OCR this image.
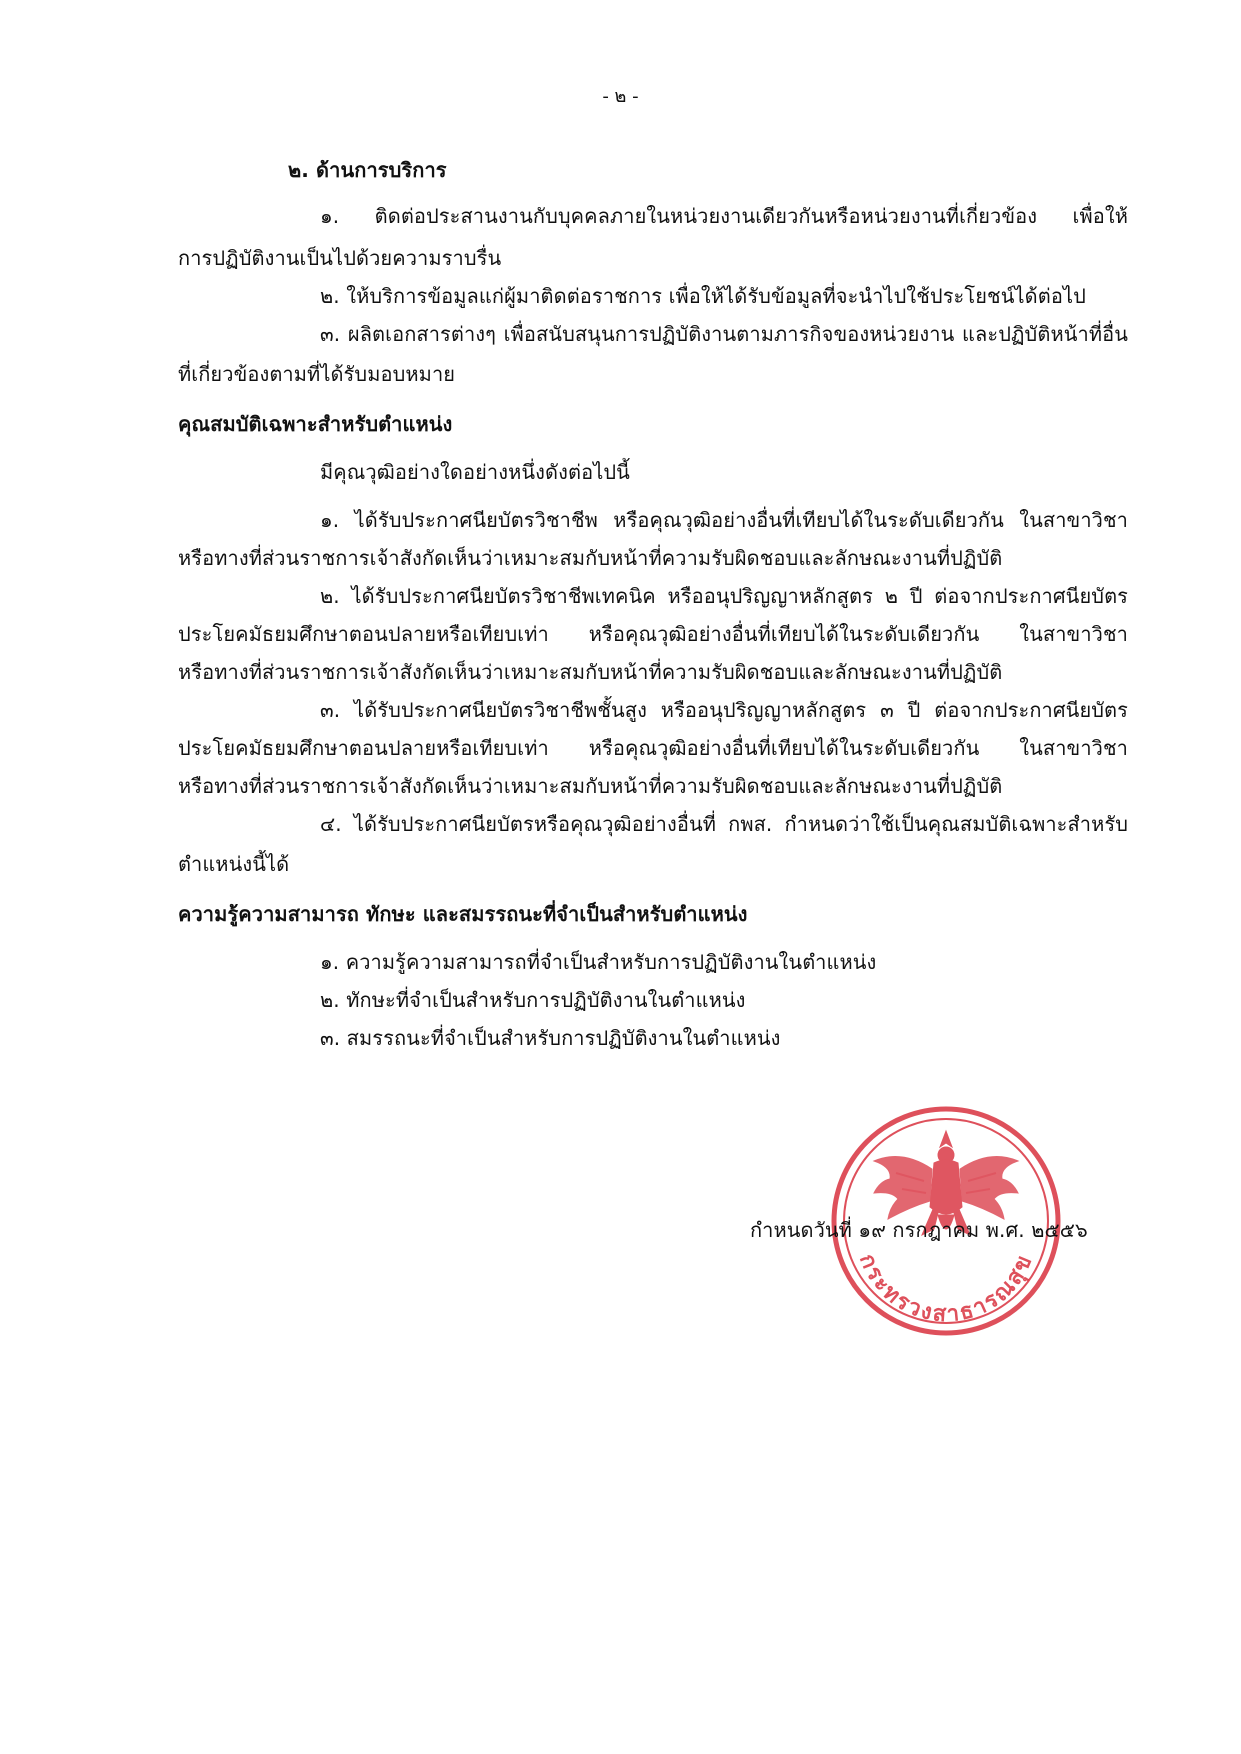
- ๒ -
๒. ด้านการบริการ
๑. ติดต่อประสานงานกับบุคคลภายในหน่วยงานเดียวกันหรือหน่วยงานที่เกี่ยวข้อง เพื่อให้
การปฏิบัติงานเป็นไปด้วยความราบรื่น
๒. ให้บริการข้อมูลแก่ผู้มาติดต่อราชการ เพื่อให้ได้รับข้อมูลที่จะนำไปใช้ประโยชน์ได้ต่อไป
๓. ผลิตเอกสารต่างๆ เพื่อสนับสนุนการปฏิบัติงานตามภารกิจของหน่วยงาน และปฏิบัติหน้าที่อื่น
ที่เกี่ยวข้องตามที่ได้รับมอบหมาย
คุณสมบัติเฉพาะสำหรับตำแหน่ง
มีคุณวุฒิอย่างใดอย่างหนึ่งดังต่อไปนี้
๑. ได้รับประกาศนียบัตรวิชาชีพ หรือคุณวุฒิอย่างอื่นที่เทียบได้ในระดับเดียวกัน ในสาขาวิชา
หรือทางที่ส่วนราชการเจ้าสังกัดเห็นว่าเหมาะสมกับหน้าที่ความรับผิดชอบและลักษณะงานที่ปฏิบัติ
๒. ได้รับประกาศนียบัตรวิชาชีพเทคนิค หรืออนุปริญญาหลักสูตร ๒ ปี ต่อจากประกาศนียบัตร
ประโยคมัธยมศึกษาตอนปลายหรือเทียบเท่า หรือคุณวุฒิอย่างอื่นที่เทียบได้ในระดับเดียวกัน ในสาขาวิชา
หรือทางที่ส่วนราชการเจ้าสังกัดเห็นว่าเหมาะสมกับหน้าที่ความรับผิดชอบและลักษณะงานที่ปฏิบัติ
๓. ได้รับประกาศนียบัตรวิชาชีพชั้นสูง หรืออนุปริญญาหลักสูตร ๓ ปี ต่อจากประกาศนียบัตร
ประโยคมัธยมศึกษาตอนปลายหรือเทียบเท่า หรือคุณวุฒิอย่างอื่นที่เทียบได้ในระดับเดียวกัน ในสาขาวิชา
หรือทางที่ส่วนราชการเจ้าสังกัดเห็นว่าเหมาะสมกับหน้าที่ความรับผิดชอบและลักษณะงานที่ปฏิบัติ
๔. ได้รับประกาศนียบัตรหรือคุณวุฒิอย่างอื่นที่ กพส. กำหนดว่าใช้เป็นคุณสมบัติเฉพาะสำหรับ
ตำแหน่งนี้ได้
ความรู้ความสามารถ ทักษะ และสมรรถนะที่จำเป็นสำหรับตำแหน่ง
๑. ความรู้ความสามารถที่จำเป็นสำหรับการปฏิบัติงานในตำแหน่ง
๒. ทักษะที่จำเป็นสำหรับการปฏิบัติงานในตำแหน่ง
๓. สมรรถนะที่จำเป็นสำหรับการปฏิบัติงานในตำแหน่ง
กระทรวงสาธารณสุข
กำหนดวันที่ ๑๙ กรกฎาคม พ.ศ. ๒๕๕๖
